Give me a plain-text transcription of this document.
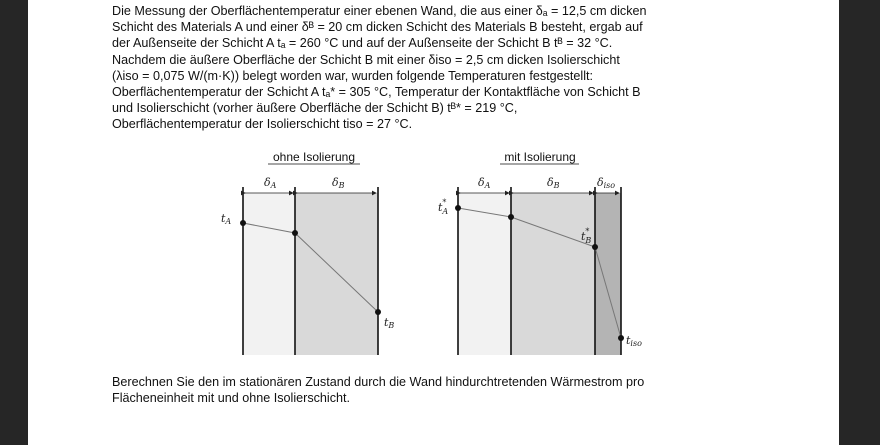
Die Messung der Oberflächentemperatur einer ebenen Wand, die aus einer δₐ = 12,5 cm dicken
Schicht des Materials A und einer δᴮ = 20 cm dicken Schicht des Materials B besteht, ergab auf
der Außenseite der Schicht A tₐ = 260 °C und auf der Außenseite der Schicht B tᴮ = 32 °C.
Nachdem die äußere Oberfläche der Schicht B mit einer δiso = 2,5 cm dicken Isolierschicht
(λiso = 0,075 W/(m·K)) belegt worden war, wurden folgende Temperaturen festgestellt:
Oberflächentemperatur der Schicht A tₐ* = 305 °C, Temperatur der Kontaktfläche von Schicht B
und Isolierschicht (vorher äußere Oberfläche der Schicht B) tᴮ* = 219 °C,
Oberflächentemperatur der Isolierschicht tiso = 27 °C.
ohne Isolierung
δA	δB
tA
tB
mit Isolierung
δA	δB	δiso
t* A
t* B
tiso
Berechnen Sie den im stationären Zustand durch die Wand hindurchtretenden Wärmestrom pro
Flächeneinheit mit und ohne Isolierschicht.
